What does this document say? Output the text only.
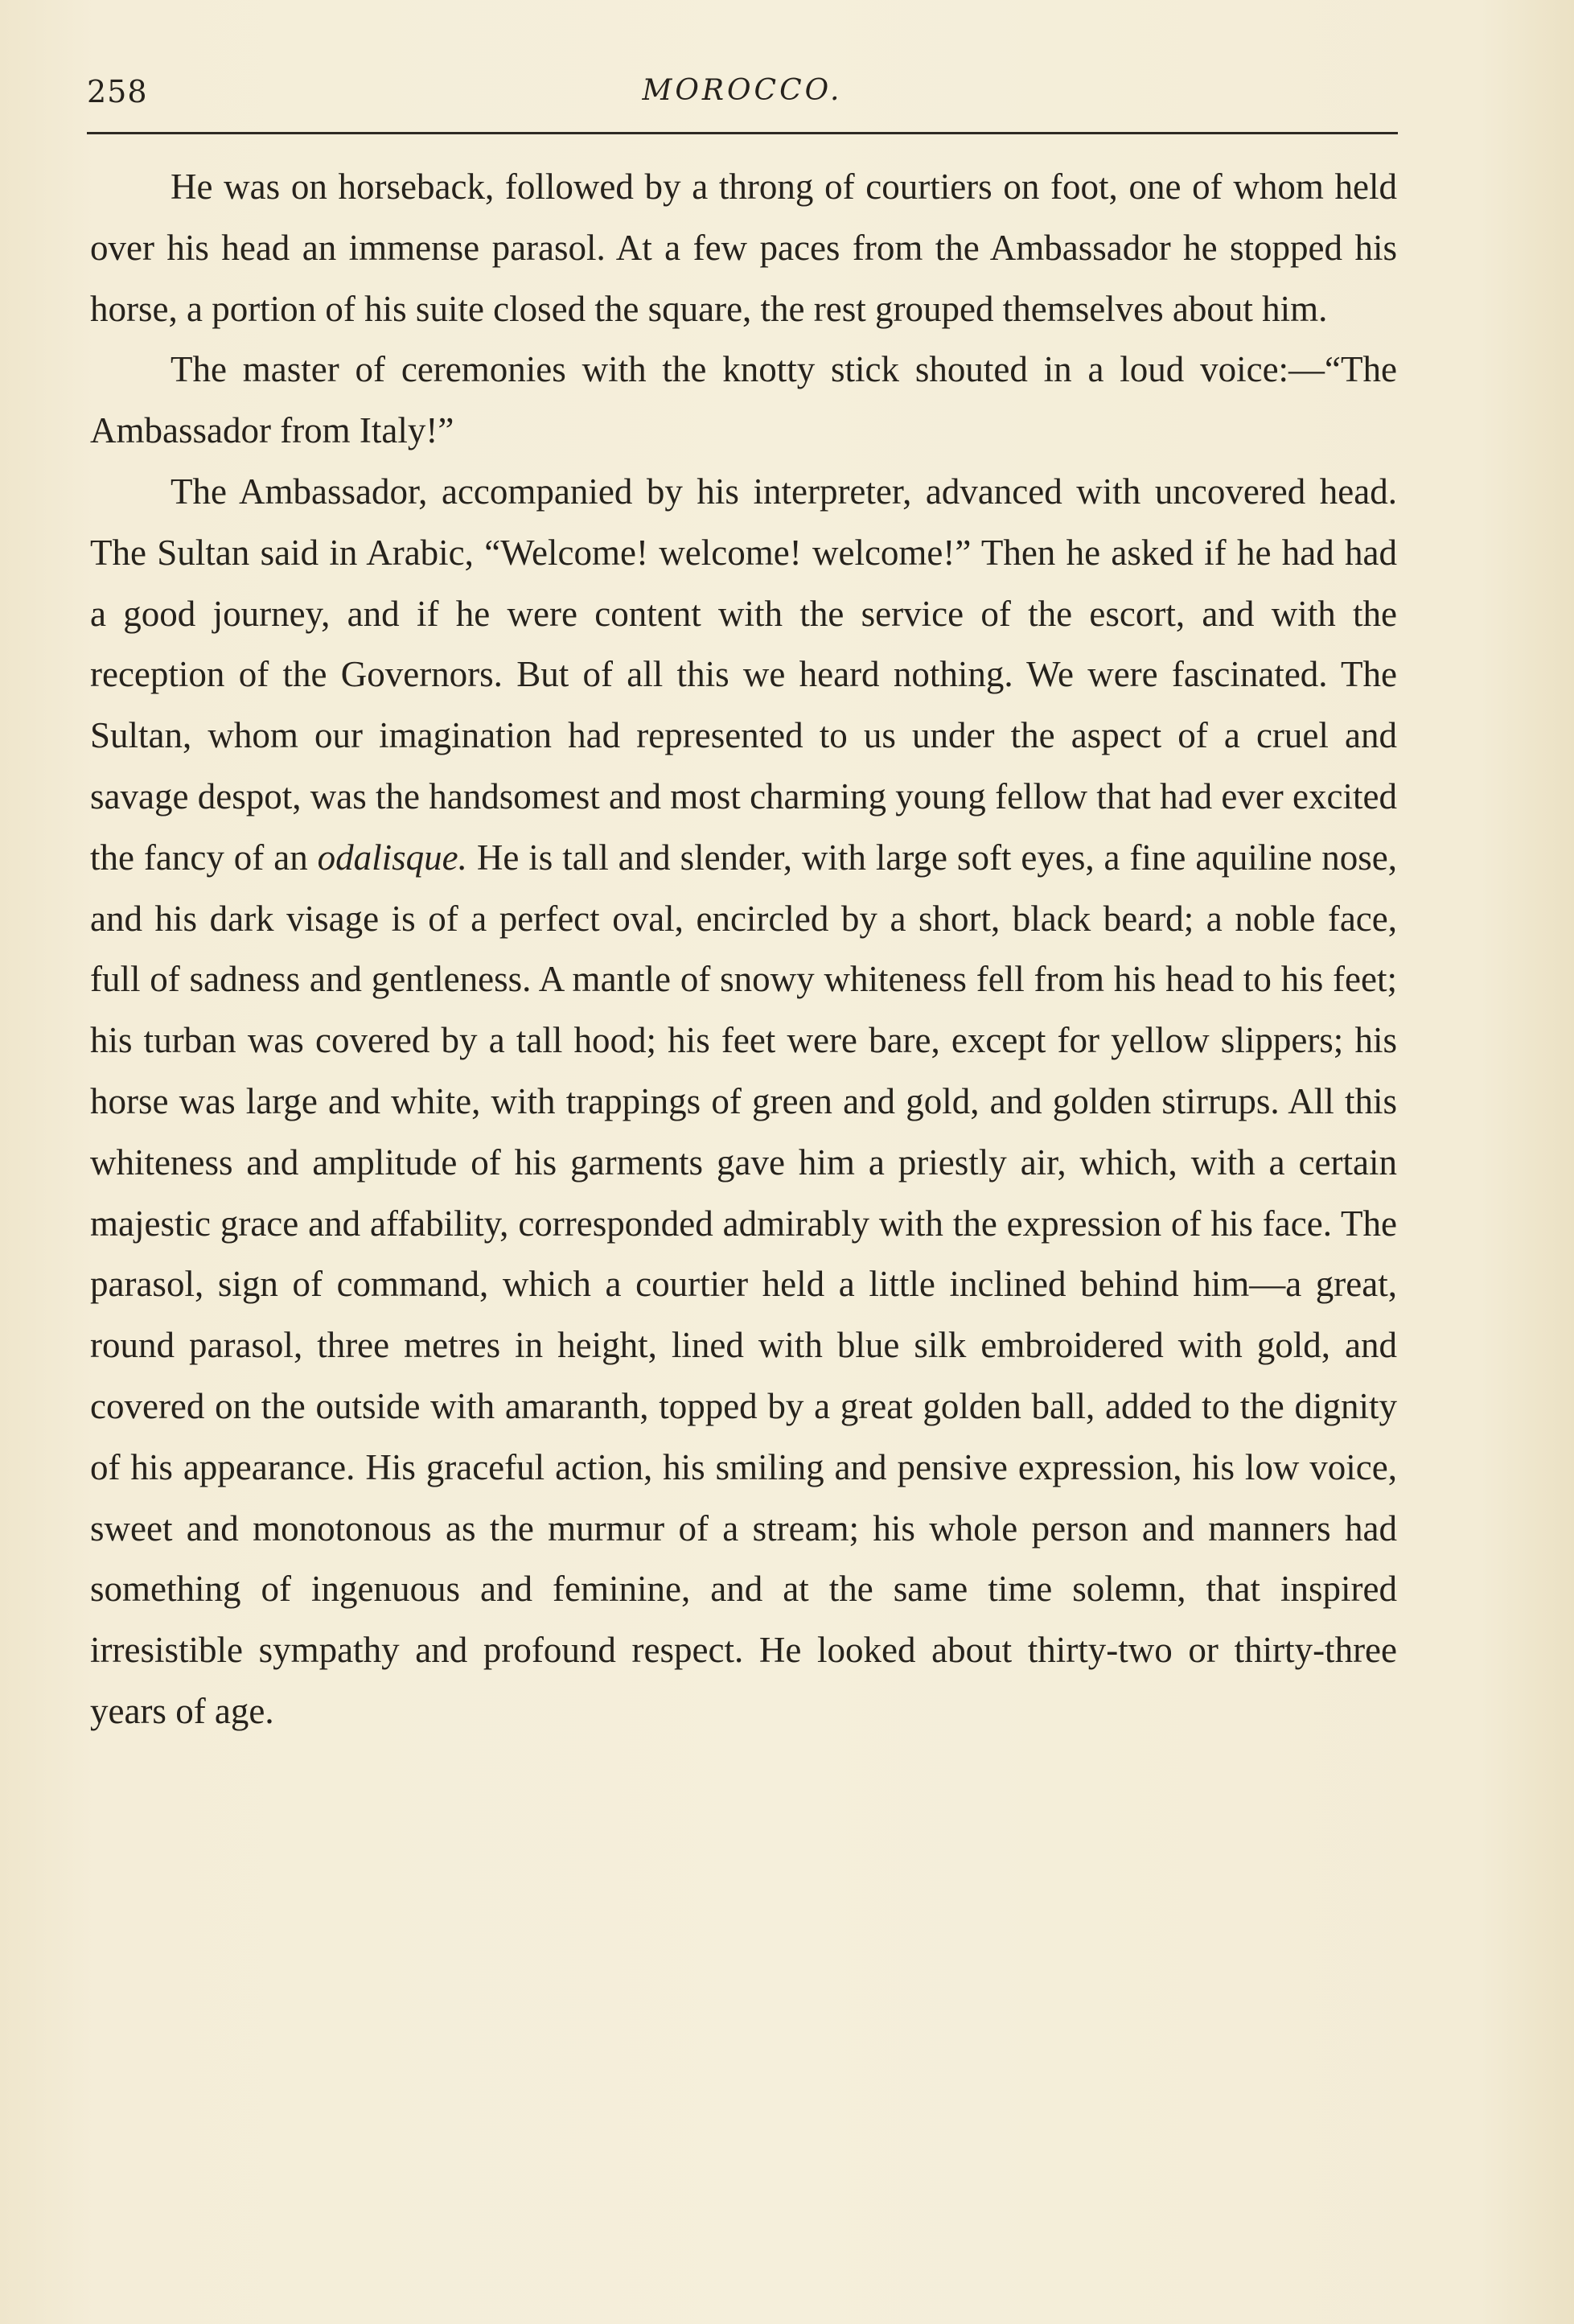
258	MOROCCO.

He was on horseback, followed by a throng of courtiers on foot, one of whom held over his head an immense parasol. At a few paces from the Ambassador he stopped his horse, a portion of his suite closed the square, the rest grouped themselves about him.

The master of ceremonies with the knotty stick shouted in a loud voice:—“The Ambassador from Italy!”

The Ambassador, accompanied by his interpreter, advanced with uncovered head. The Sultan said in Arabic, “Welcome! welcome! welcome!” Then he asked if he had had a good journey, and if he were content with the service of the escort, and with the reception of the Governors. But of all this we heard nothing. We were fascinated. The Sultan, whom our imagination had represented to us under the aspect of a cruel and savage despot, was the handsomest and most charming young fellow that had ever excited the fancy of an odalisque. He is tall and slender, with large soft eyes, a fine aquiline nose, and his dark visage is of a perfect oval, encircled by a short, black beard; a noble face, full of sadness and gentleness. A mantle of snowy whiteness fell from his head to his feet; his turban was covered by a tall hood; his feet were bare, except for yellow slippers; his horse was large and white, with trappings of green and gold, and golden stirrups. All this whiteness and amplitude of his garments gave him a priestly air, which, with a certain majestic grace and affability, corresponded admirably with the expression of his face. The parasol, sign of command, which a courtier held a little inclined behind him—a great, round parasol, three metres in height, lined with blue silk embroidered with gold, and covered on the outside with amaranth, topped by a great golden ball, added to the dignity of his appearance. His graceful action, his smiling and pensive expression, his low voice, sweet and monotonous as the murmur of a stream; his whole person and manners had something of ingenuous and feminine, and at the same time solemn, that inspired irresistible sympathy and profound respect. He looked about thirty-two or thirty-three years of age.
